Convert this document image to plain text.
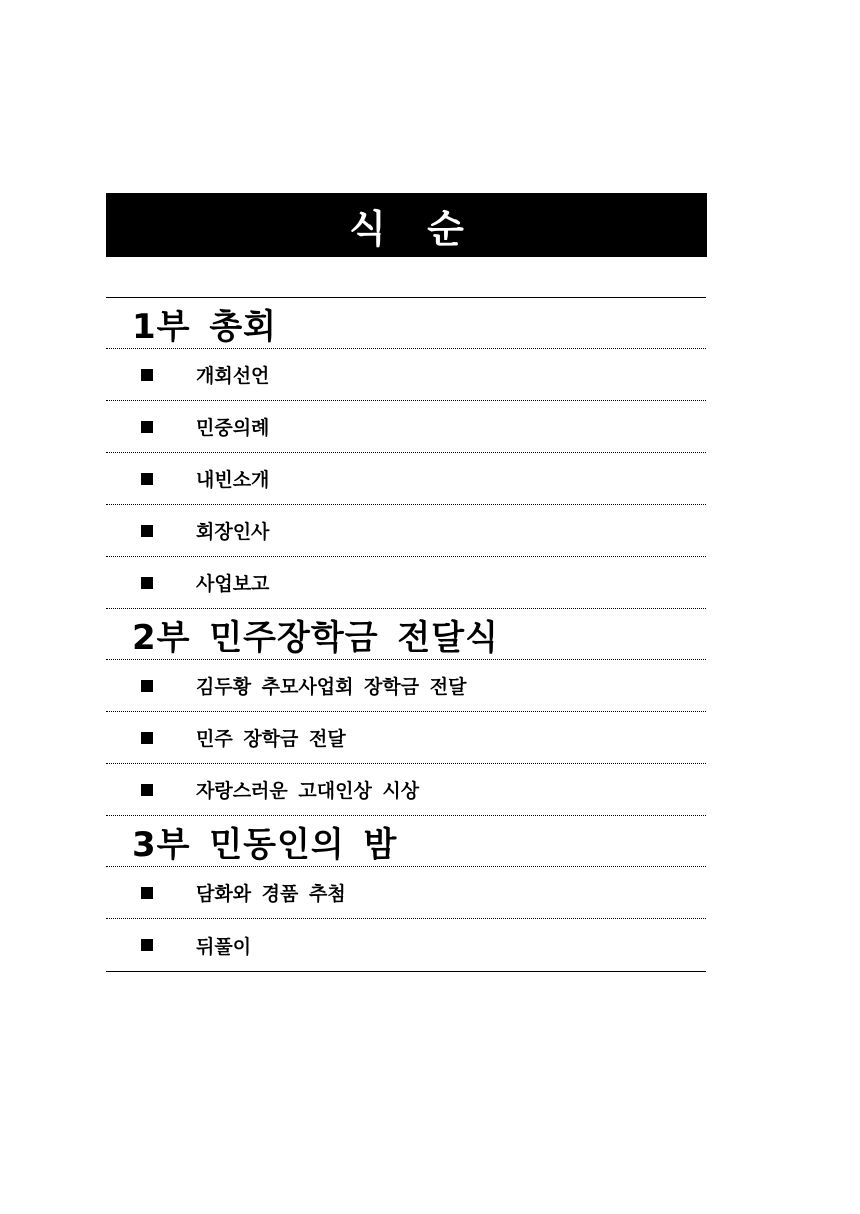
식 순
1부 총회
개회선언
민중의례
내빈소개
회장인사
사업보고
2부 민주장학금 전달식
김두황 추모사업회 장학금 전달
민주 장학금 전달
자랑스러운 고대인상 시상
3부 민동인의 밤
담화와 경품 추첨
뒤풀이
